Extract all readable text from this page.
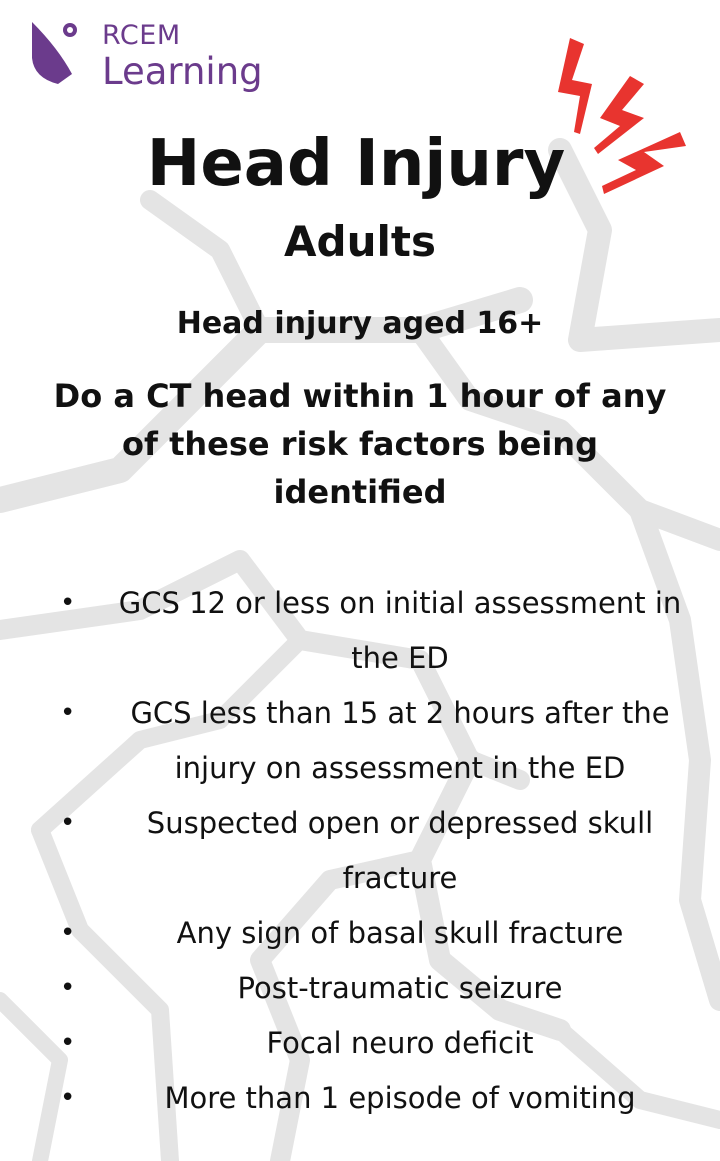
RCEM
Learning
Head Injury
Adults
Head injury aged 16+
Do a CT head within 1 hour of any of these risk factors being identified
• GCS 12 or less on initial assessment in the ED
• GCS less than 15 at 2 hours after the injury on assessment in the ED
• Suspected open or depressed skull fracture
•	Any sign of basal skull fracture
•	Post-traumatic seizure
•	Focal neuro deficit
•	More than 1 episode of vomiting
